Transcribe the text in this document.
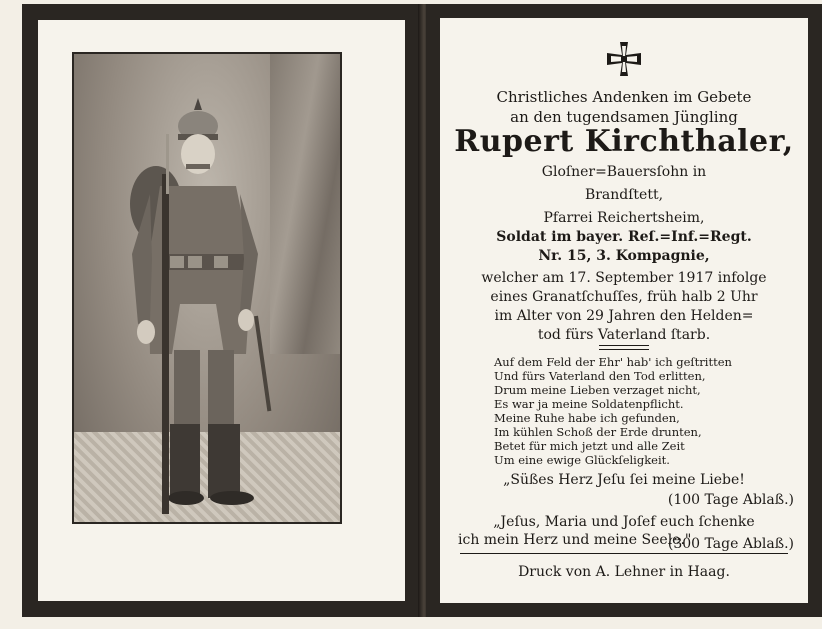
Christliches Andenken im Gebete
an den tugendsamen Jüngling
Rupert Kirchthaler,
Gloſner=Bauersſohn in
Brandſtett,
Pfarrei Reichertsheim,
Soldat im bayer. Reſ.=Inf.=Regt.
Nr. 15, 3. Kompagnie,
welcher am 17. September 1917 infolge
eines Granatſchuſſes, früh halb 2 Uhr
im Alter von 29 Jahren den Helden=
tod fürs Vaterland ſtarb.
Auf dem Feld der Ehr' hab' ich geſtritten
Und fürs Vaterland den Tod erlitten,
Drum meine Lieben verzaget nicht,
Es war ja meine Soldatenpflicht.
Meine Ruhe habe ich gefunden,
Im kühlen Schoß der Erde drunten,
Betet für mich jetzt und alle Zeit
Um eine ewige Glückſeligkeit.
„Süßes Herz Jeſu ſei meine Liebe!
(100 Tage Ablaß.)
„Jeſus, Maria und Joſef euch ſchenke
ich mein Herz und meine Seele."
(300 Tage Ablaß.)
Druck von A. Lehner in Haag.
